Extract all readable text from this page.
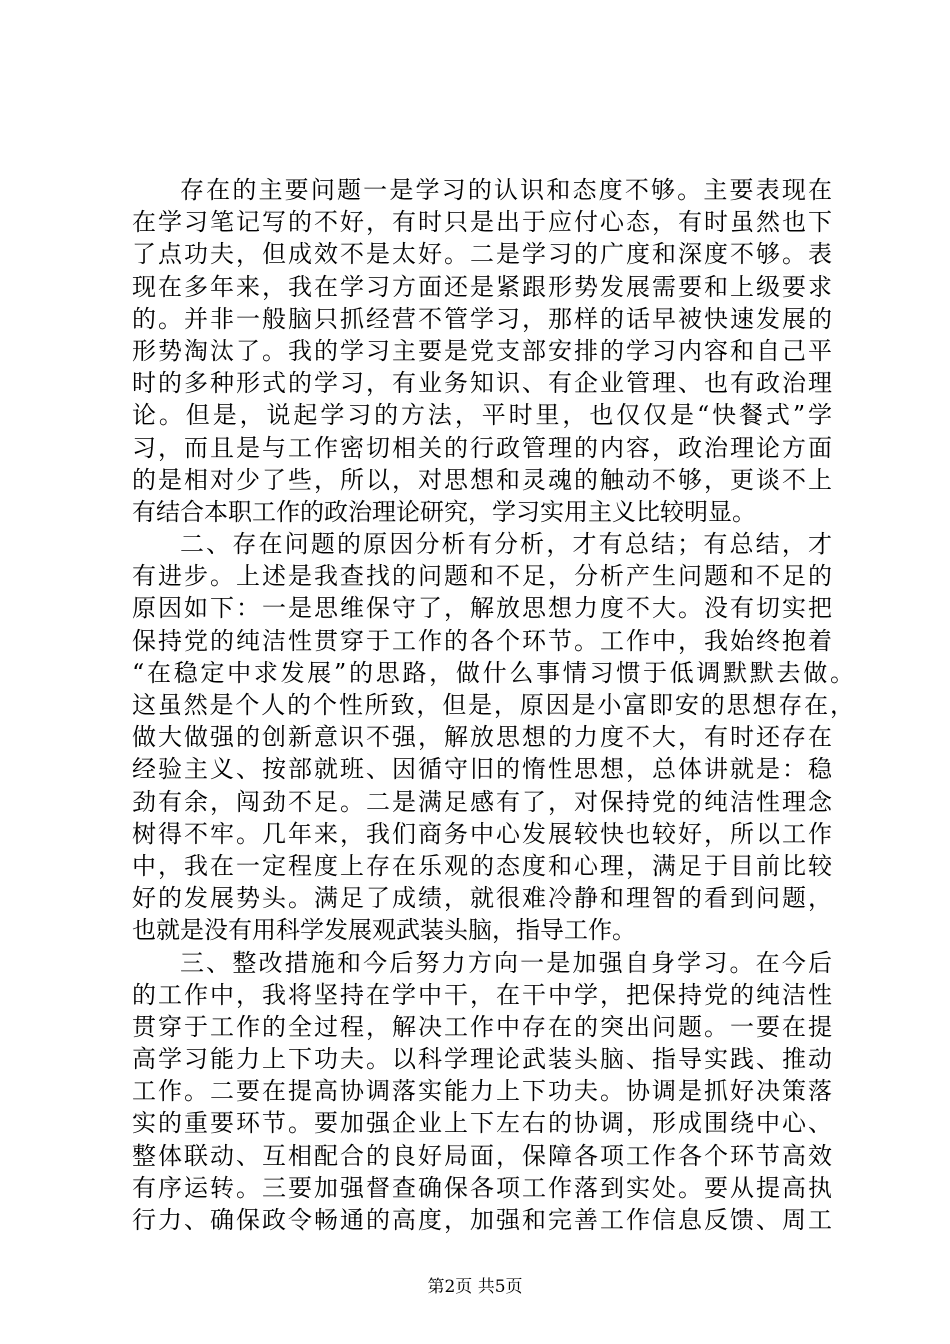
存在的主要问题一是学习的认识和态度不够。主要表现在
在学习笔记写的不好，有时只是出于应付心态，有时虽然也下
了点功夫，但成效不是太好。二是学习的广度和深度不够。表
现在多年来，我在学习方面还是紧跟形势发展需要和上级要求
的。并非一般脑只抓经营不管学习，那样的话早被快速发展的
形势淘汰了。我的学习主要是党支部安排的学习内容和自己平
时的多种形式的学习，有业务知识、有企业管理、也有政治理
论。但是，说起学习的方法，平时里，也仅仅是“快餐式”学
习，而且是与工作密切相关的行政管理的内容，政治理论方面
的是相对少了些，所以，对思想和灵魂的触动不够，更谈不上
有结合本职工作的政治理论研究，学习实用主义比较明显。
二、存在问题的原因分析有分析，才有总结；有总结，才
有进步。上述是我查找的问题和不足，分析产生问题和不足的
原因如下：一是思维保守了，解放思想力度不大。没有切实把
保持党的纯洁性贯穿于工作的各个环节。工作中，我始终抱着
“在稳定中求发展”的思路，做什么事情习惯于低调默默去做。
这虽然是个人的个性所致，但是，原因是小富即安的思想存在，
做大做强的创新意识不强，解放思想的力度不大，有时还存在
经验主义、按部就班、因循守旧的惰性思想，总体讲就是：稳
劲有余，闯劲不足。二是满足感有了，对保持党的纯洁性理念
树得不牢。几年来，我们商务中心发展较快也较好，所以工作
中，我在一定程度上存在乐观的态度和心理，满足于目前比较
好的发展势头。满足了成绩，就很难冷静和理智的看到问题，
也就是没有用科学发展观武装头脑，指导工作。
三、整改措施和今后努力方向一是加强自身学习。在今后
的工作中，我将坚持在学中干，在干中学，把保持党的纯洁性
贯穿于工作的全过程，解决工作中存在的突出问题。一要在提
高学习能力上下功夫。以科学理论武装头脑、指导实践、推动
工作。二要在提高协调落实能力上下功夫。协调是抓好决策落
实的重要环节。要加强企业上下左右的协调，形成围绕中心、
整体联动、互相配合的良好局面，保障各项工作各个环节高效
有序运转。三要加强督查确保各项工作落到实处。要从提高执
行力、确保政令畅通的高度，加强和完善工作信息反馈、周工
第2页 共5页
